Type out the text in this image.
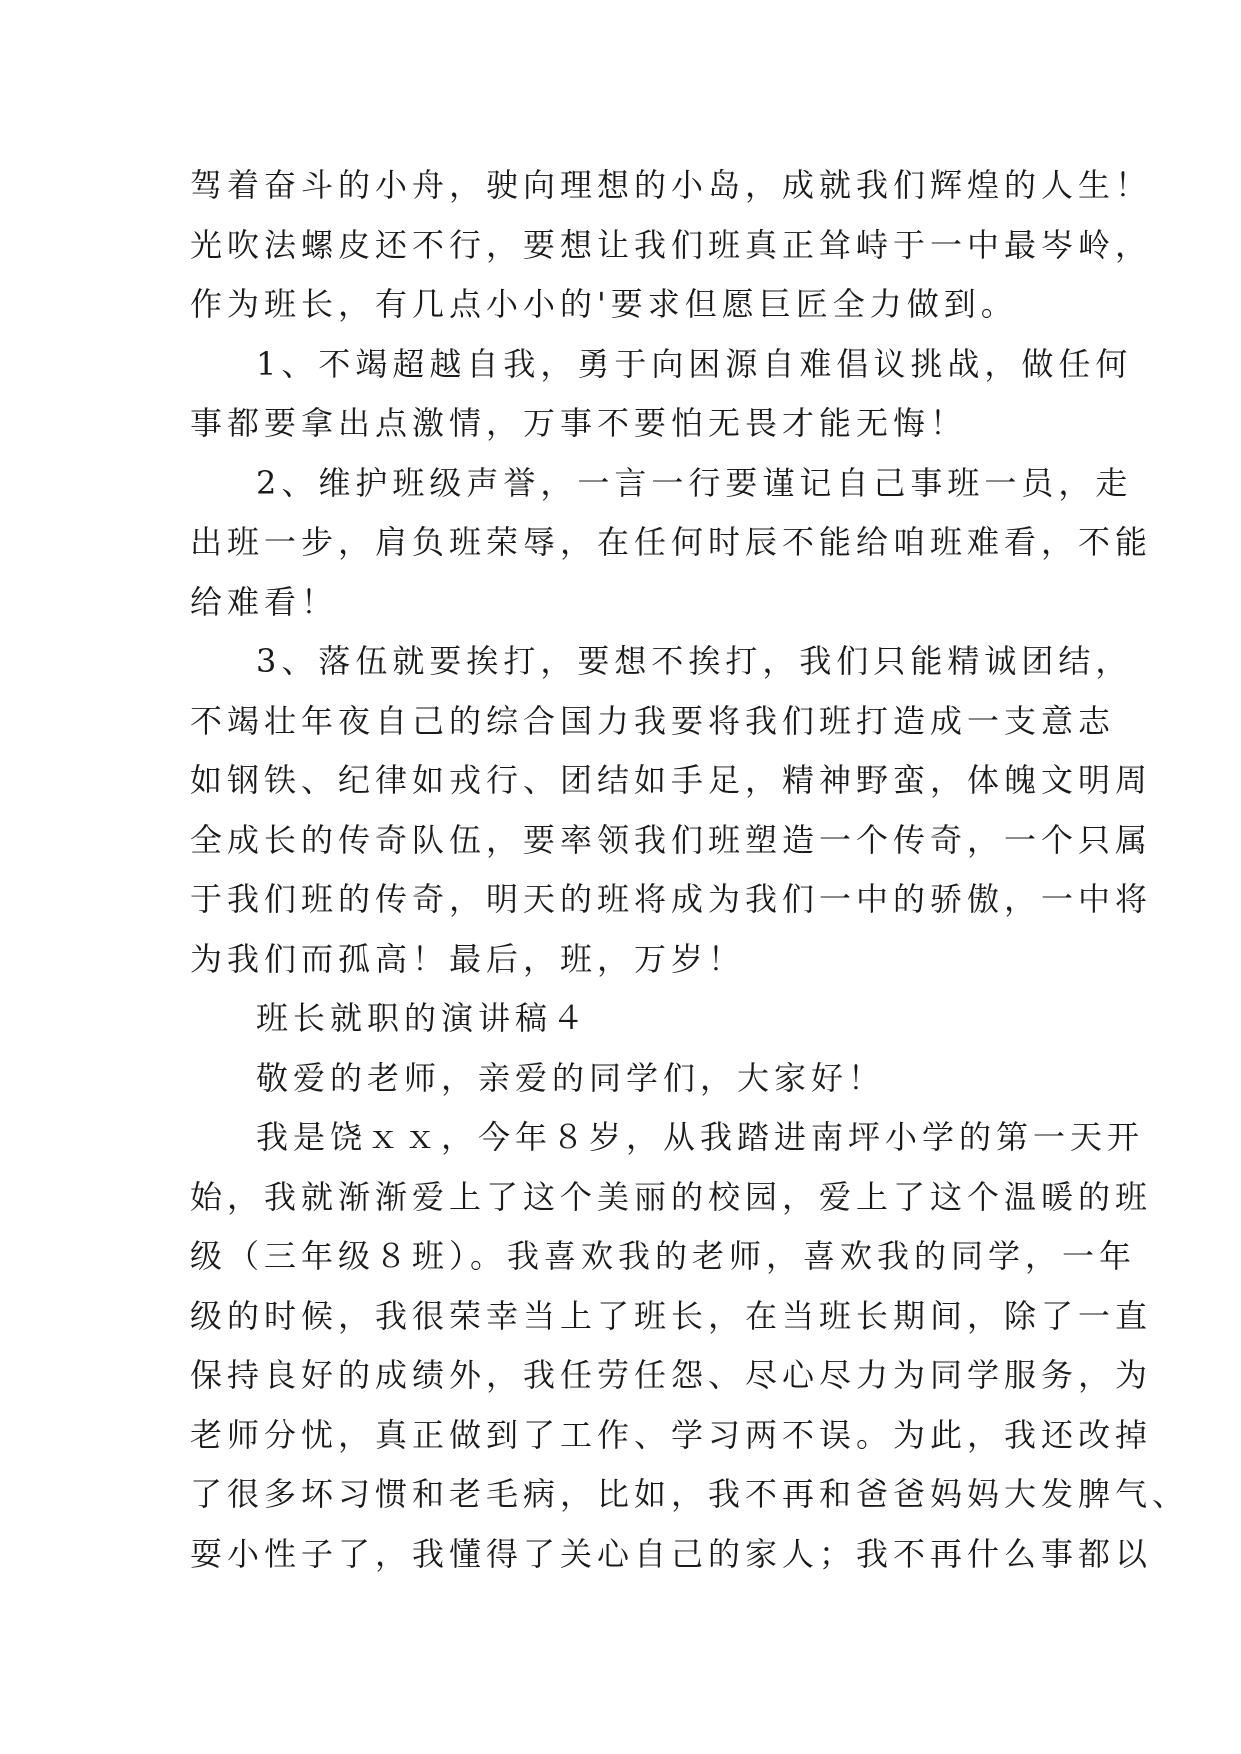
驾着奋斗的小舟，驶向理想的小岛，成就我们辉煌的人生！
光吹法螺皮还不行，要想让我们班真正耸峙于一中最岑岭，
作为班长，有几点小小的'要求但愿巨匠全力做到。
1、不竭超越自我，勇于向困源自难倡议挑战，做任何
事都要拿出点激情，万事不要怕无畏才能无悔！
2、维护班级声誉，一言一行要谨记自己事班一员，走
出班一步，肩负班荣辱，在任何时辰不能给咱班难看，不能
给难看！
3、落伍就要挨打，要想不挨打，我们只能精诚团结，
不竭壮年夜自己的综合国力我要将我们班打造成一支意志
如钢铁、纪律如戎行、团结如手足，精神野蛮，体魄文明周
全成长的传奇队伍，要率领我们班塑造一个传奇，一个只属
于我们班的传奇，明天的班将成为我们一中的骄傲，一中将
为我们而孤高！最后，班，万岁！
班长就职的演讲稿４
敬爱的老师，亲爱的同学们，大家好！
我是饶ｘｘ，今年８岁，从我踏进南坪小学的第一天开
始，我就渐渐爱上了这个美丽的校园，爱上了这个温暖的班
级（三年级８班）。我喜欢我的老师，喜欢我的同学，一年
级的时候，我很荣幸当上了班长，在当班长期间，除了一直
保持良好的成绩外，我任劳任怨、尽心尽力为同学服务，为
老师分忧，真正做到了工作、学习两不误。为此，我还改掉
了很多坏习惯和老毛病，比如，我不再和爸爸妈妈大发脾气、
耍小性子了，我懂得了关心自己的家人；我不再什么事都以
